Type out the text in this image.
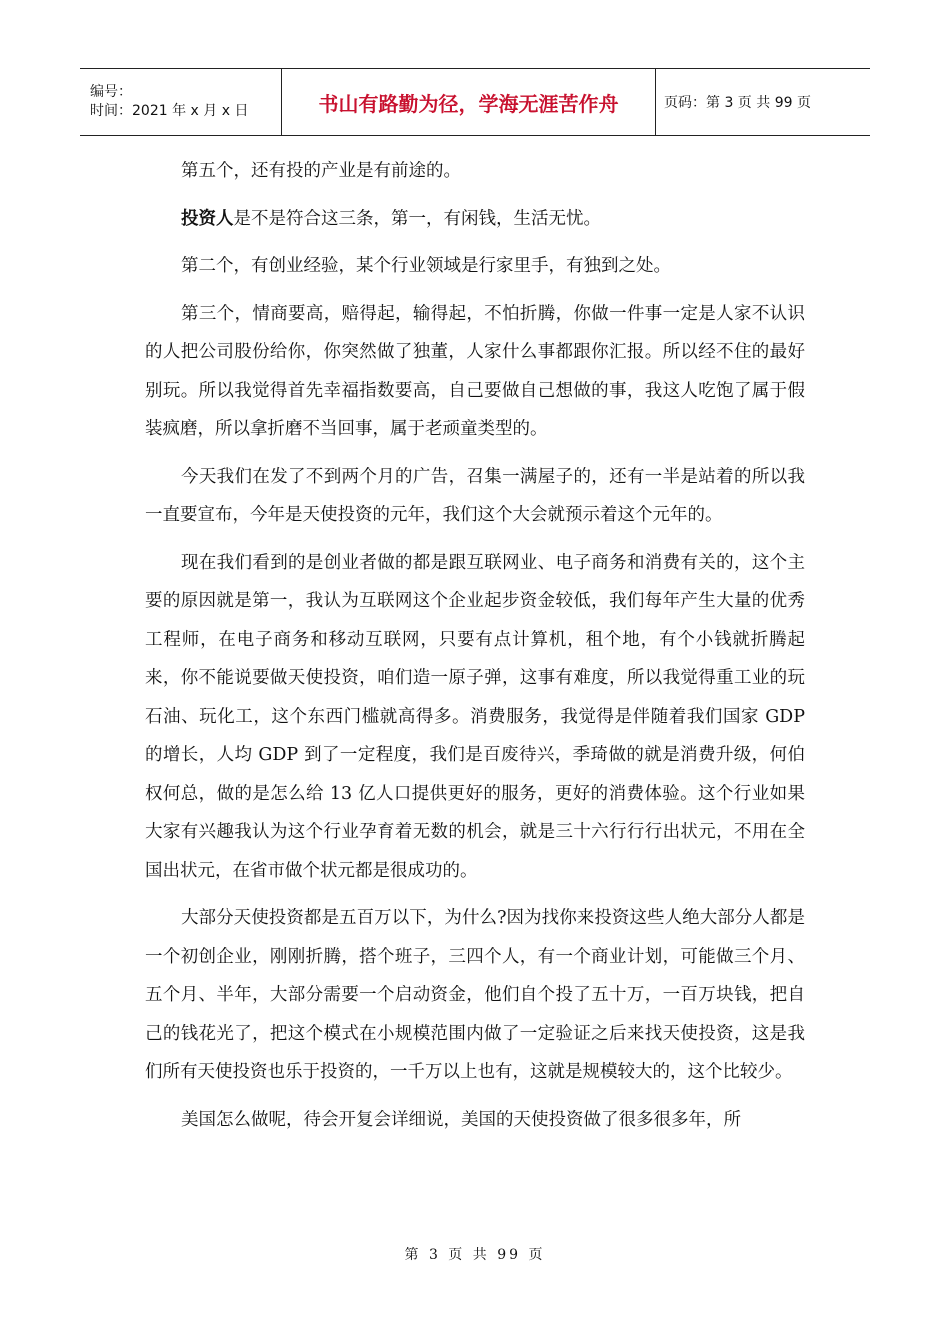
编号：
时间：2021 年 x 月 x 日	书山有路勤为径，学海无涯苦作舟	页码：第 3 页 共 99 页

第五个，还有投的产业是有前途的。

投资人是不是符合这三条，第一，有闲钱，生活无忧。

第二个，有创业经验，某个行业领域是行家里手，有独到之处。

第三个，情商要高，赔得起，输得起，不怕折腾，你做一件事一定是人家不认识的人把公司股份给你，你突然做了独董，人家什么事都跟你汇报。所以经不住的最好别玩。所以我觉得首先幸福指数要高，自己要做自己想做的事，我这人吃饱了属于假装疯磨，所以拿折磨不当回事，属于老顽童类型的。

今天我们在发了不到两个月的广告，召集一满屋子的，还有一半是站着的所以我一直要宣布，今年是天使投资的元年，我们这个大会就预示着这个元年的。

现在我们看到的是创业者做的都是跟互联网业、电子商务和消费有关的，这个主要的原因就是第一，我认为互联网这个企业起步资金较低，我们每年产生大量的优秀工程师，在电子商务和移动互联网，只要有点计算机，租个地，有个小钱就折腾起来，你不能说要做天使投资，咱们造一原子弹，这事有难度，所以我觉得重工业的玩石油、玩化工，这个东西门槛就高得多。消费服务，我觉得是伴随着我们国家 GDP 的增长，人均 GDP 到了一定程度，我们是百废待兴，季琦做的就是消费升级，何伯权何总，做的是怎么给 13 亿人口提供更好的服务，更好的消费体验。这个行业如果大家有兴趣我认为这个行业孕育着无数的机会，就是三十六行行行出状元，不用在全国出状元，在省市做个状元都是很成功的。

大部分天使投资都是五百万以下，为什么?因为找你来投资这些人绝大部分人都是一个初创企业，刚刚折腾，搭个班子，三四个人，有一个商业计划，可能做三个月、五个月、半年，大部分需要一个启动资金，他们自个投了五十万，一百万块钱，把自己的钱花光了，把这个模式在小规模范围内做了一定验证之后来找天使投资，这是我们所有天使投资也乐于投资的，一千万以上也有，这就是规模较大的，这个比较少。

美国怎么做呢，待会开复会详细说，美国的天使投资做了很多很多年，所

第 3 页 共 99 页
